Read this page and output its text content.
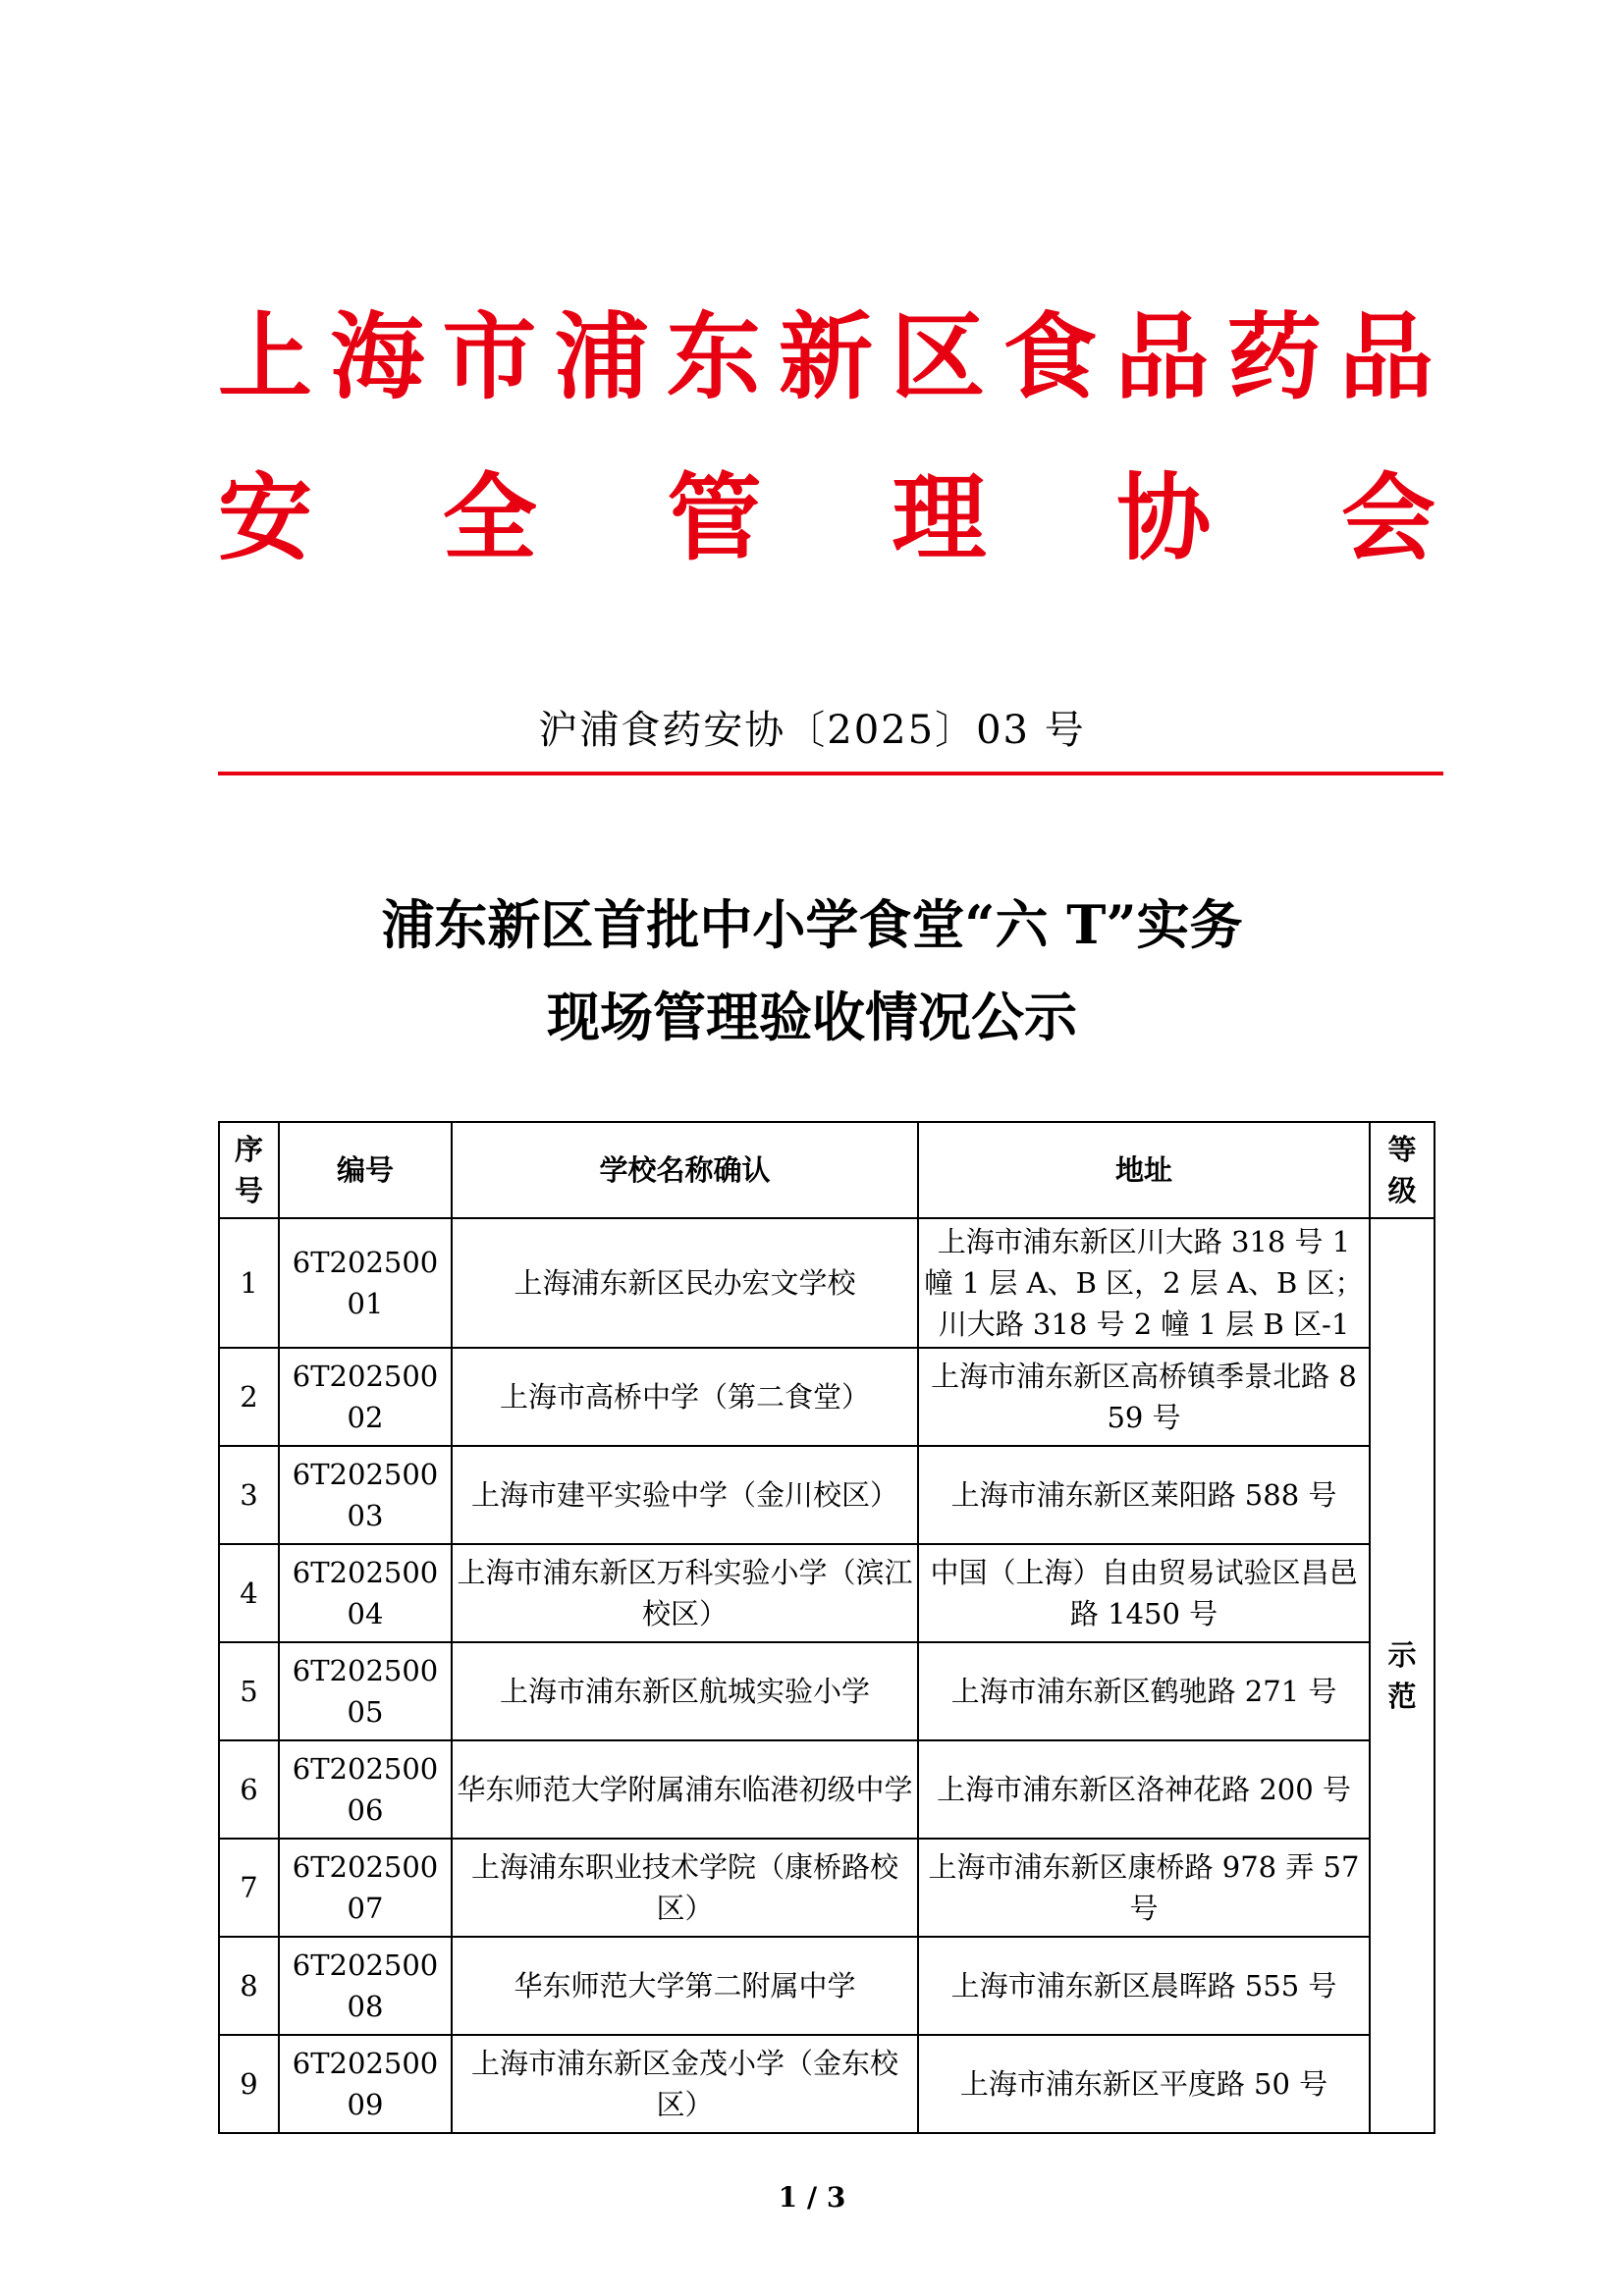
上海市浦东新区食品药品
安 全 管 理 协 会
沪浦食药安协〔2025〕03 号
浦东新区首批中小学食堂“六 T”实务
现场管理验收情况公示
序号	编号	学校名称确认	地址	等级
1	6T20250001	上海浦东新区民办宏文学校	上海市浦东新区川大路 318 号 1 幢 1 层 A、B 区，2 层 A、B 区；川大路 318 号 2 幢 1 层 B 区-1	示范
2	6T20250002	上海市高桥中学（第二食堂）	上海市浦东新区高桥镇季景北路 859 号	
3	6T20250003	上海市建平实验中学（金川校区）	上海市浦东新区莱阳路 588 号	
4	6T20250004	上海市浦东新区万科实验小学（滨江校区）	中国（上海）自由贸易试验区昌邑路 1450 号	
5	6T20250005	上海市浦东新区航城实验小学	上海市浦东新区鹤驰路 271 号	
6	6T20250006	华东师范大学附属浦东临港初级中学	上海市浦东新区洛神花路 200 号	
7	6T20250007	上海浦东职业技术学院（康桥路校区）	上海市浦东新区康桥路 978 弄 57 号	
8	6T20250008	华东师范大学第二附属中学	上海市浦东新区晨晖路 555 号	
9	6T20250009	上海市浦东新区金茂小学（金东校区）	上海市浦东新区平度路 50 号	
1 / 3
